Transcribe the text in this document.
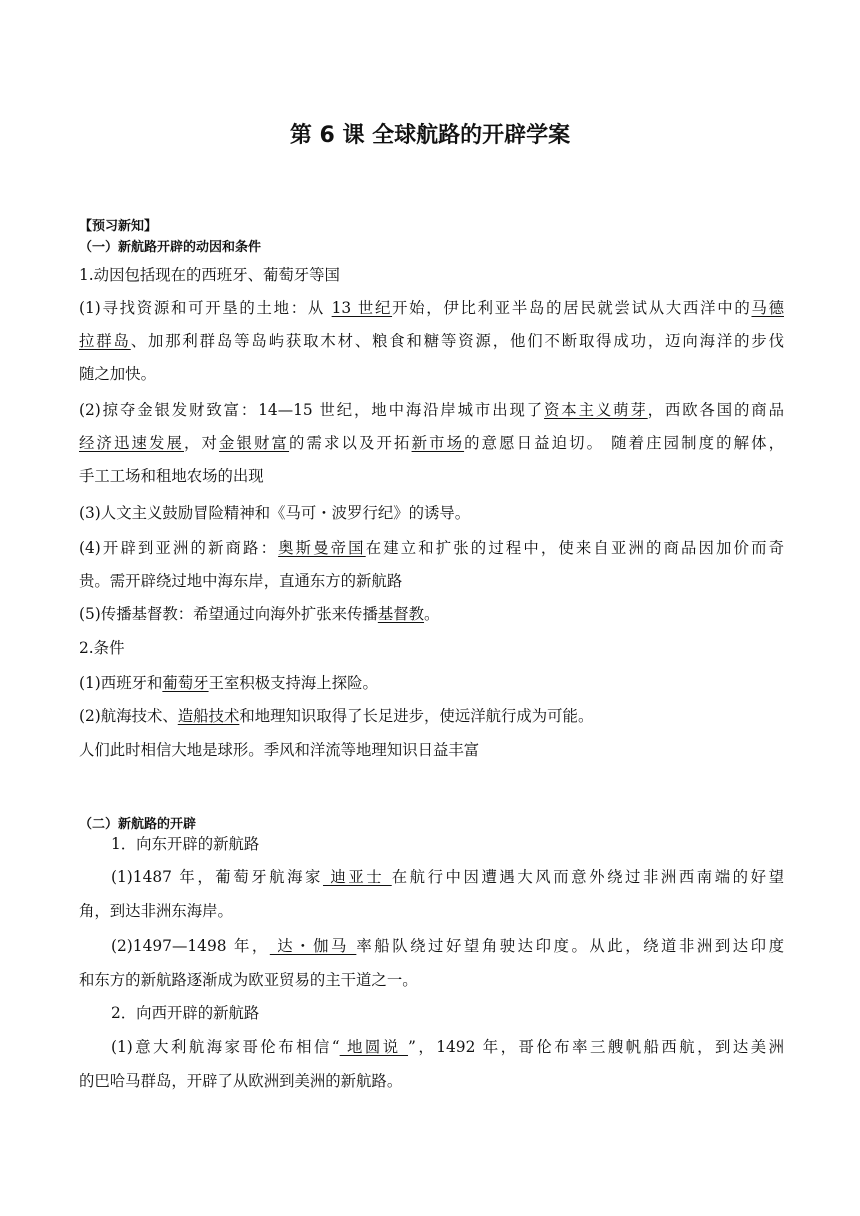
第 6 课 全球航路的开辟学案
【预习新知】
（一）新航路开辟的动因和条件
1.动因包括现在的西班牙、葡萄牙等国
(1)寻找资源和可开垦的土地：从 13 世纪开始，伊比利亚半岛的居民就尝试从大西洋中的马德
拉群岛、加那利群岛等岛屿获取木材、粮食和糖等资源，他们不断取得成功，迈向海洋的步伐
随之加快。
(2)掠夺金银发财致富：14—15 世纪，地中海沿岸城市出现了资本主义萌芽，西欧各国的商品
经济迅速发展，对金银财富的需求以及开拓新市场的意愿日益迫切。 随着庄园制度的解体，
手工工场和租地农场的出现
(3)人文主义鼓励冒险精神和《马可・波罗行纪》的诱导。
(4)开辟到亚洲的新商路：奥斯曼帝国在建立和扩张的过程中，使来自亚洲的商品因加价而奇
贵。需开辟绕过地中海东岸，直通东方的新航路
(5)传播基督教：希望通过向海外扩张来传播基督教。
2.条件
(1)西班牙和葡萄牙王室积极支持海上探险。
(2)航海技术、造船技术和地理知识取得了长足进步，使远洋航行成为可能。
人们此时相信大地是球形。季风和洋流等地理知识日益丰富
（二）新航路的开辟
1．向东开辟的新航路
(1)1487 年，葡萄牙航海家 迪亚士 在航行中因遭遇大风而意外绕过非洲西南端的好望
角，到达非洲东海岸。
(2)1497—1498 年， 达・伽马 率船队绕过好望角驶达印度。从此，绕道非洲到达印度
和东方的新航路逐渐成为欧亚贸易的主干道之一。
2．向西开辟的新航路
(1)意大利航海家哥伦布相信“ 地圆说 ”，1492 年，哥伦布率三艘帆船西航，到达美洲
的巴哈马群岛，开辟了从欧洲到美洲的新航路。
